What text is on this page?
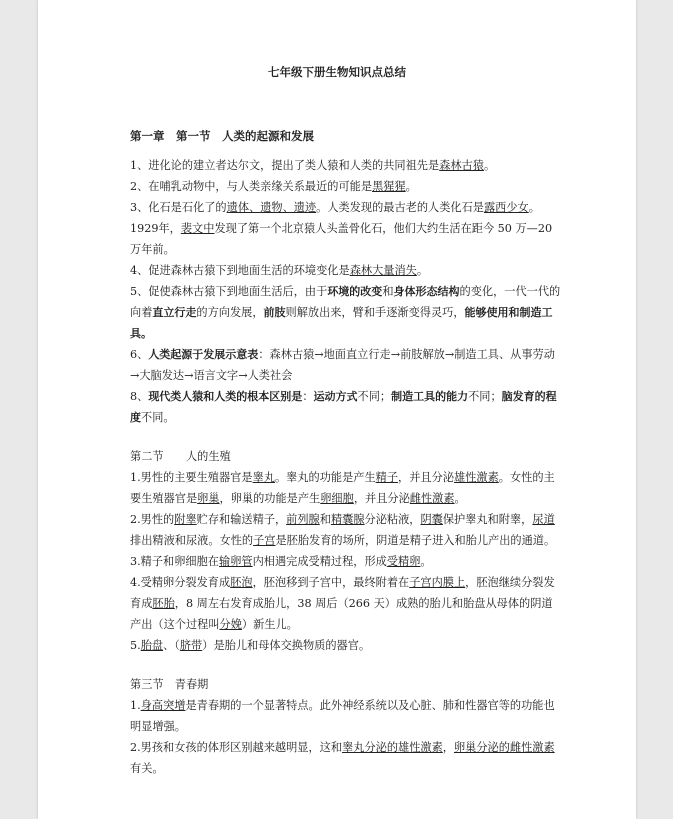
七年级下册生物知识点总结
第一章　第一节　人类的起源和发展

1、进化论的建立者达尔文，提出了类人猿和人类的共同祖先是森林古猿。

2、在哺乳动物中，与人类亲缘关系最近的可能是黑猩猩。

3、化石是石化了的遗体、遗物、遗迹。人类发现的最古老的人类化石是露西少女。1929年，裴文中发现了第一个北京猿人头盖骨化石，他们大约生活在距今 50 万—20 万年前。

4、促进森林古猿下到地面生活的环境变化是森林大量消失。

5、促使森林古猿下到地面生活后，由于环境的改变和身体形态结构的变化，一代一代的向着直立行走的方向发展，前肢则解放出来，臂和手逐渐变得灵巧，能够使用和制造工具。

6、人类起源于发展示意表：森林古猿→地面直立行走→前肢解放→制造工具、从事劳动→大脑发达→语言文字→人类社会

8、现代类人猿和人类的根本区别是：运动方式不同；制造工具的能力不同；脑发育的程度不同。

第二节　　人的生殖

1.男性的主要生殖器官是睾丸。睾丸的功能是产生精子，并且分泌雄性激素。女性的主要生殖器官是卵巢，卵巢的功能是产生卵细胞，并且分泌雌性激素。

2.男性的附睾贮存和输送精子，前列腺和精囊腺分泌粘液，阴囊保护睾丸和附睾，尿道排出精液和尿液。女性的子宫是胚胎发育的场所，阴道是精子进入和胎儿产出的通道。

3.精子和卵细胞在输卵管内相遇完成受精过程，形成受精卵。

4.受精卵分裂发育成胚泡，胚泡移到子宫中，最终附着在子宫内膜上，胚泡继续分裂发育成胚胎，8 周左右发育成胎儿，38 周后（266 天）成熟的胎儿和胎盘从母体的阴道产出（这个过程叫分娩）新生儿。

5.胎盘、（脐带）是胎儿和母体交换物质的器官。

第三节　青春期

1.身高突增是青春期的一个显著特点。此外神经系统以及心脏、肺和性器官等的功能也明显增强。

2.男孩和女孩的体形区别越来越明显，这和睾丸分泌的雄性激素，卵巢分泌的雌性激素有关。
